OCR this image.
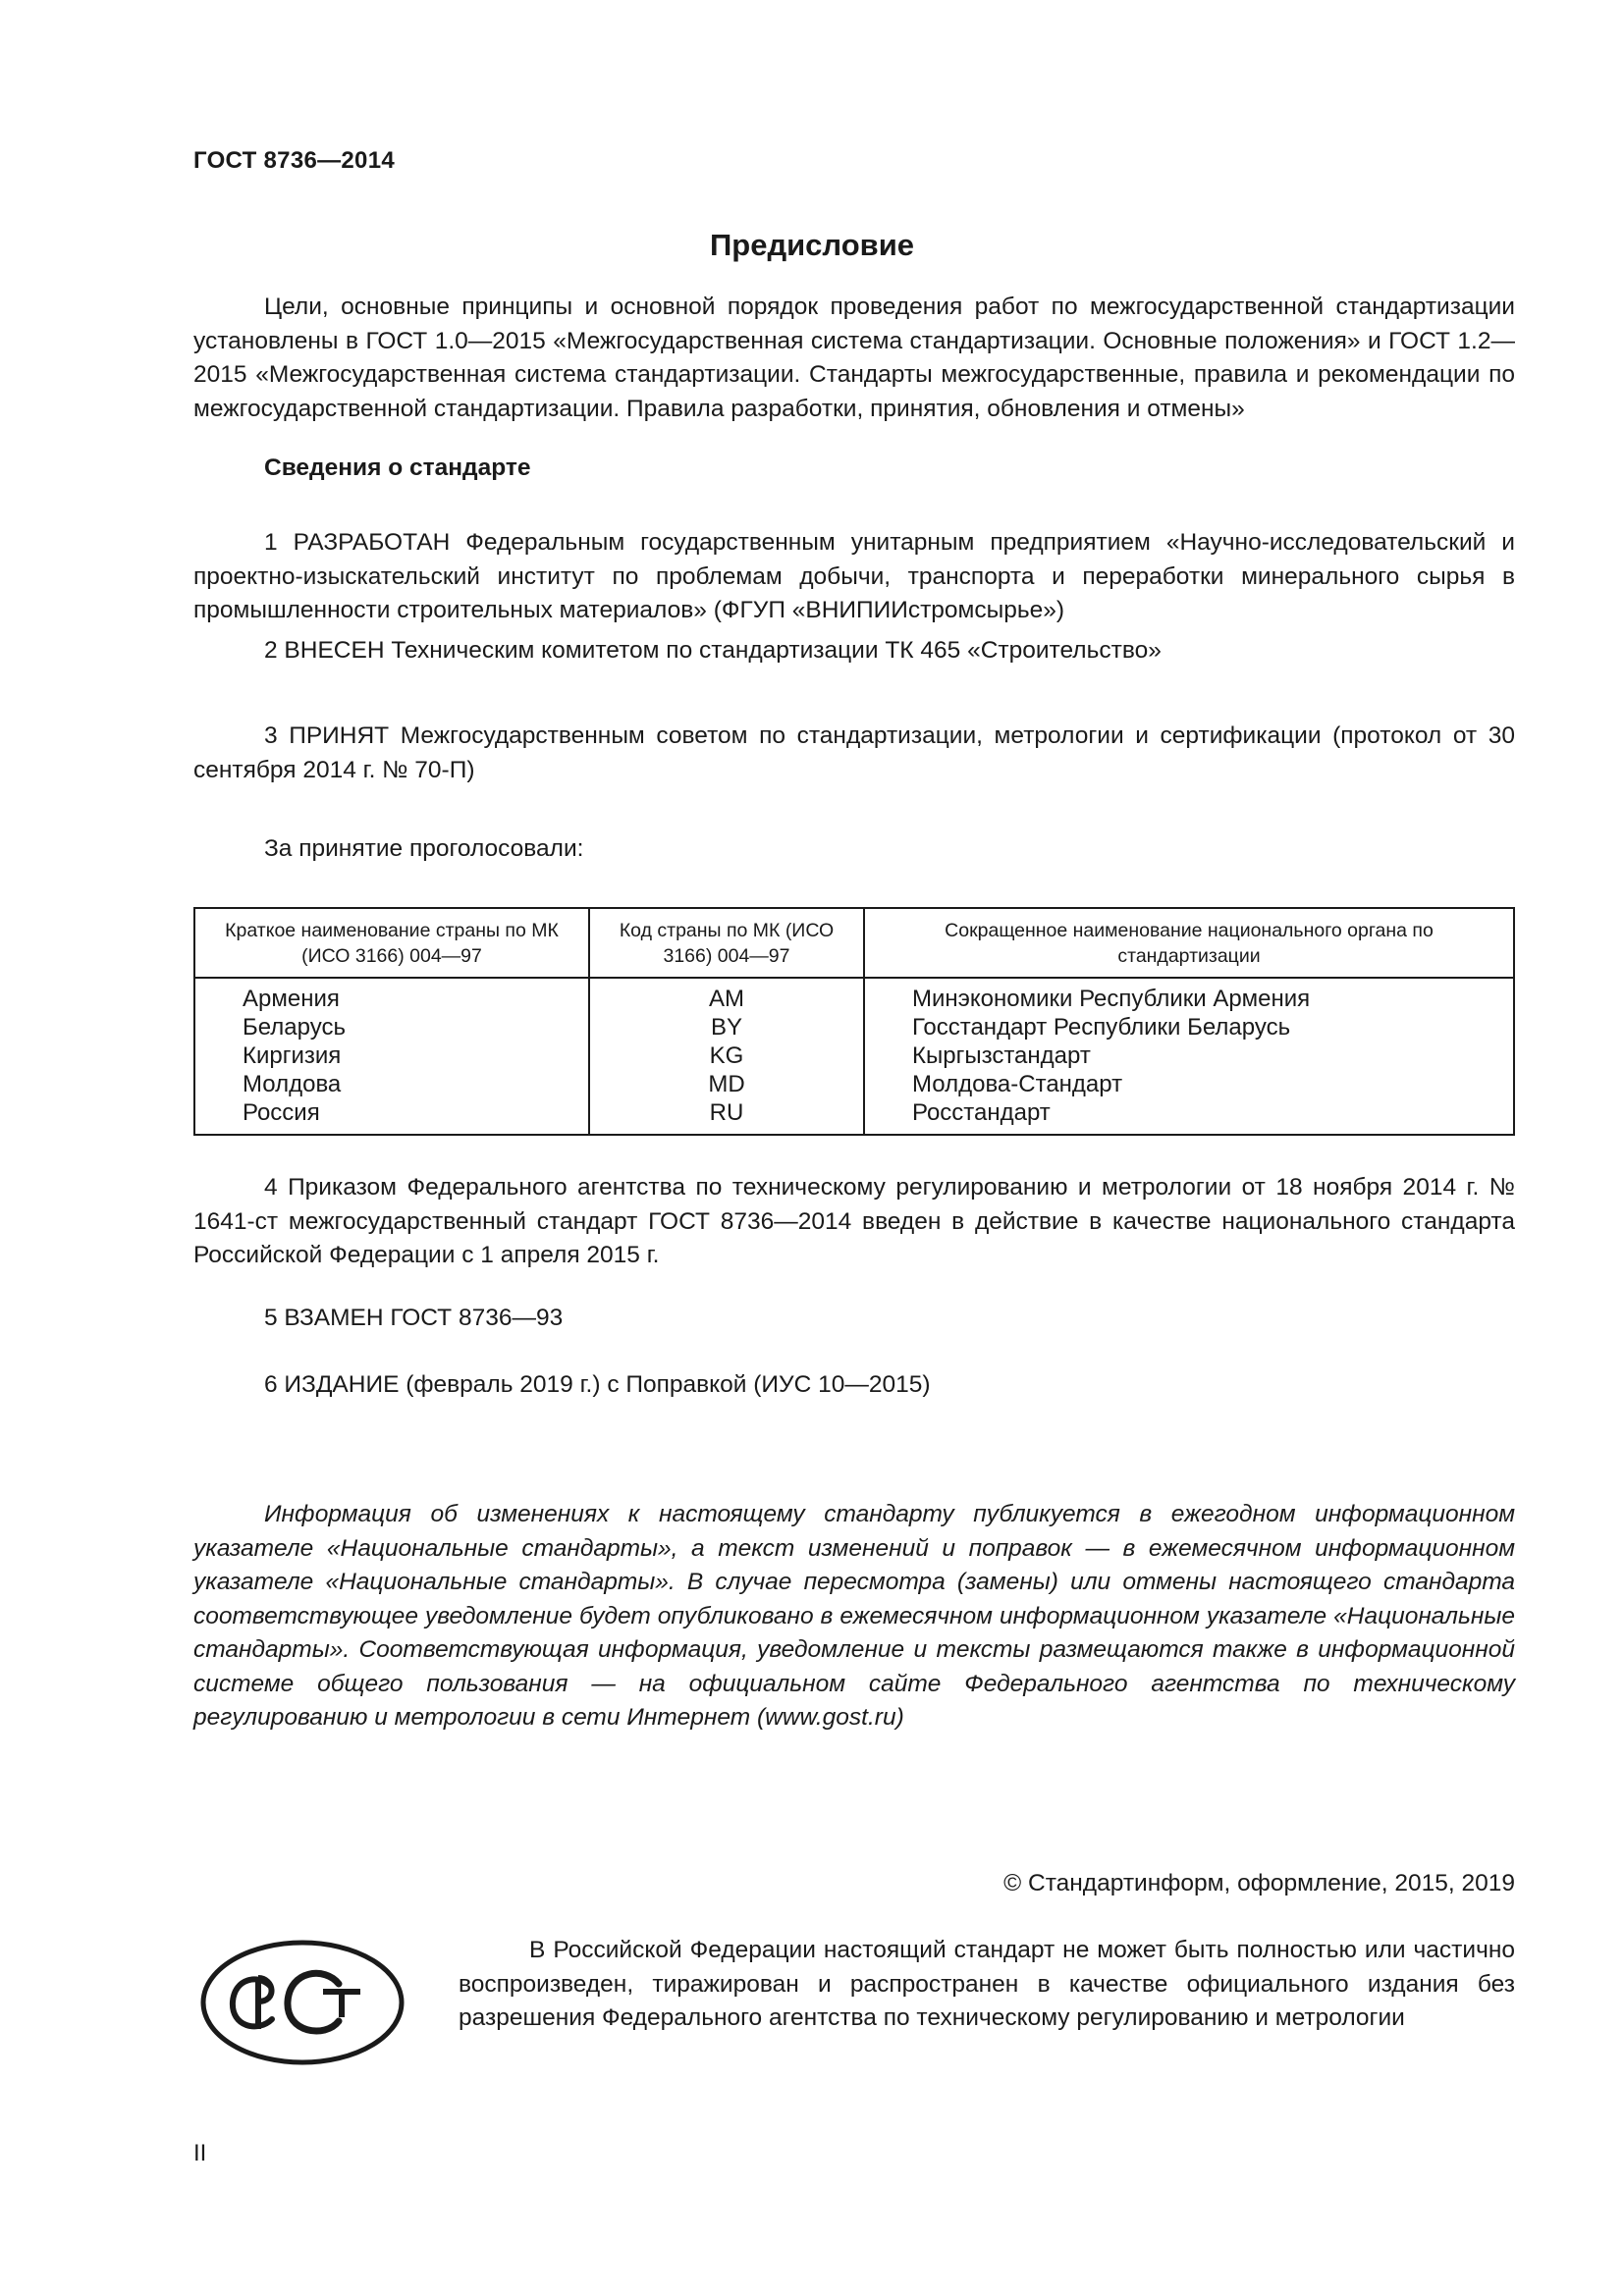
ГОСТ 8736—2014
Предисловие
Цели, основные принципы и основной порядок проведения работ по межгосударственной стандартизации установлены в ГОСТ 1.0—2015 «Межгосударственная система стандартизации. Основные положения» и ГОСТ 1.2—2015 «Межгосударственная система стандартизации. Стандарты межгосударственные, правила и рекомендации по межгосударственной стандартизации. Правила разработки, принятия, обновления и отмены»
Сведения о стандарте
1 РАЗРАБОТАН Федеральным государственным унитарным предприятием «Научно-исследовательский и проектно-изыскательский институт по проблемам добычи, транспорта и переработки минерального сырья в промышленности строительных материалов» (ФГУП «ВНИПИИстромсырье»)
2 ВНЕСЕН Техническим комитетом по стандартизации ТК 465 «Строительство»
3 ПРИНЯТ Межгосударственным советом по стандартизации, метрологии и сертификации (протокол от 30 сентября 2014 г. № 70-П)
За принятие проголосовали:
Краткое наименование страны по МК (ИСО 3166) 004—97	Код страны по МК (ИСО 3166) 004—97	Сокращенное наименование национального органа по стандартизации
Армения	AM	Минэкономики Республики Армения
Беларусь	BY	Госстандарт Республики Беларусь
Киргизия	KG	Кыргызстандарт
Молдова	MD	Молдова-Стандарт
Россия	RU	Росстандарт
4 Приказом Федерального агентства по техническому регулированию и метрологии от 18 ноября 2014 г. № 1641-ст межгосударственный стандарт ГОСТ 8736—2014 введен в действие в качестве национального стандарта Российской Федерации с 1 апреля 2015 г.
5 ВЗАМЕН ГОСТ 8736—93
6 ИЗДАНИЕ (февраль 2019 г.) с Поправкой (ИУС 10—2015)
Информация об изменениях к настоящему стандарту публикуется в ежегодном информационном указателе «Национальные стандарты», а текст изменений и поправок — в ежемесячном информационном указателе «Национальные стандарты». В случае пересмотра (замены) или отмены настоящего стандарта соответствующее уведомление будет опубликовано в ежемесячном информационном указателе «Национальные стандарты». Соответствующая информация, уведомление и тексты размещаются также в информационной системе общего пользования — на официальном сайте Федерального агентства по техническому регулированию и метрологии в сети Интернет (www.gost.ru)
© Стандартинформ, оформление, 2015, 2019
В Российской Федерации настоящий стандарт не может быть полностью или частично воспроизведен, тиражирован и распространен в качестве официального издания без разрешения Федерального агентства по техническому регулированию и метрологии
II
